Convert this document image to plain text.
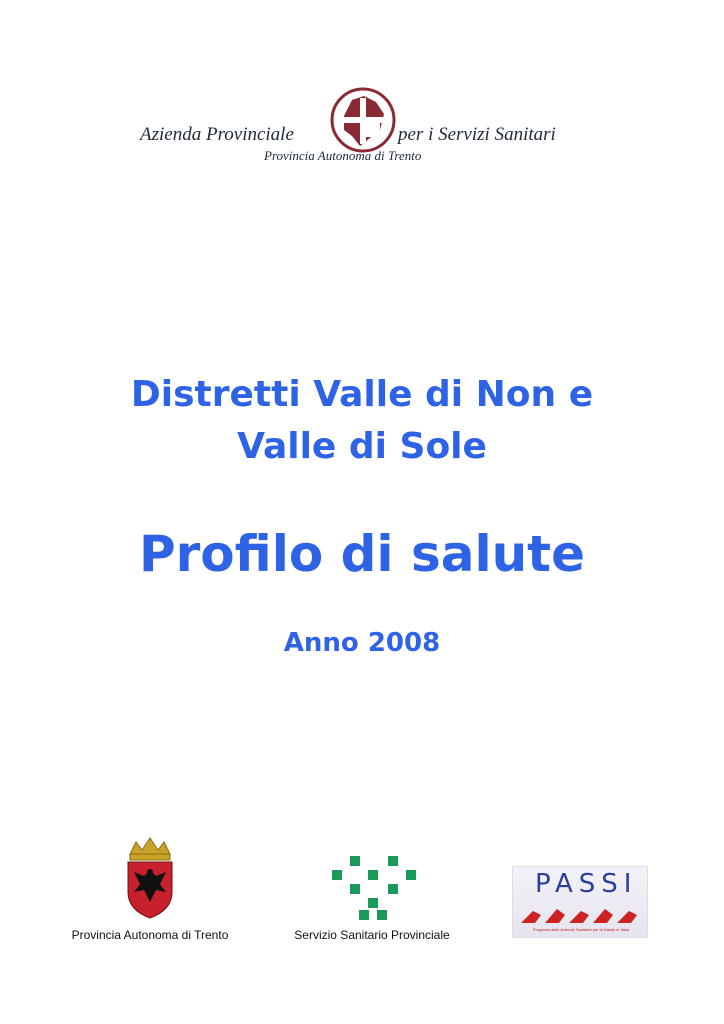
Azienda Provinciale	per i Servizi Sanitari
Provincia Autonoma di Trento
Distretti Valle di Non e
Valle di Sole
Profilo di salute
Anno 2008
Provincia Autonoma di Trento	Servizio Sanitario Provinciale
PASSI
Progressi delle Aziende Sanitarie per la Salute in Italia
